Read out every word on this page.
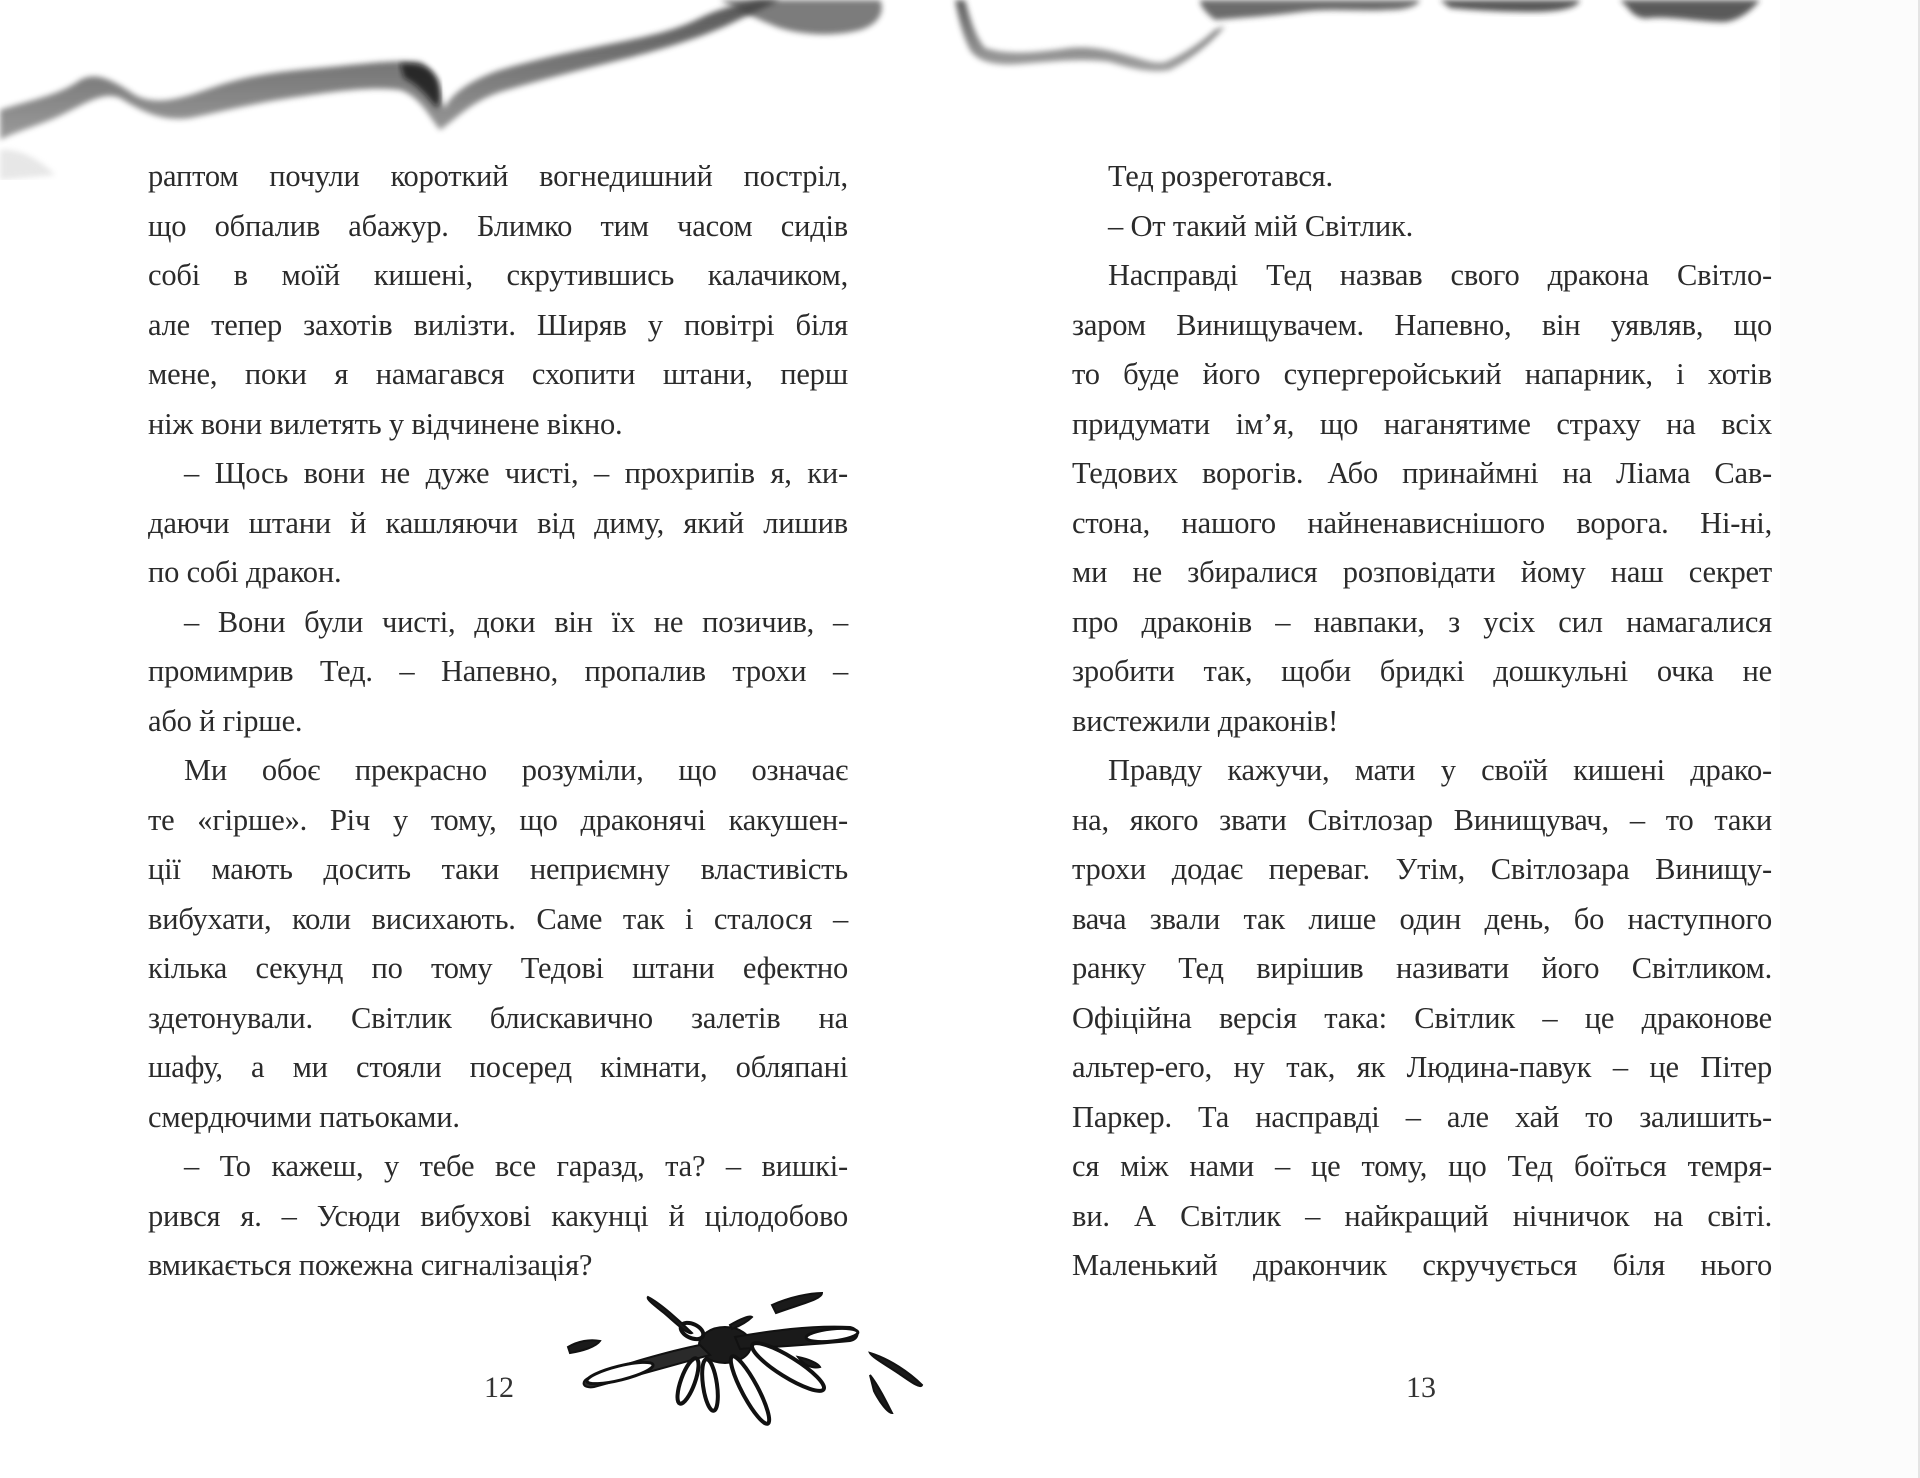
раптом почули короткий вогнедишний постріл,
що обпалив абажур. Блимко тим часом сидів
собі в моїй кишені, скрутившись калачиком,
але тепер захотів вилізти. Ширяв у повітрі біля
мене, поки я намагався схопити штани, перш
ніж вони вилетять у відчинене вікно.
– Щось вони не дуже чисті, – прохрипів я, ки-
даючи штани й кашляючи від диму, який лишив
по собі дракон.
– Вони були чисті, доки він їх не позичив, –
промимрив Тед. – Напевно, пропалив трохи –
або й гірше.
Ми обоє прекрасно розуміли, що означає
те «гірше». Річ у тому, що драконячі какушен-
ції мають досить таки неприємну властивість
вибухати, коли висихають. Саме так і сталося –
кілька секунд по тому Тедові штани ефектно
здетонували. Світлик блискавично залетів на
шафу, а ми стояли посеред кімнати, обляпані
смердючими патьоками.
– То кажеш, у тебе все гаразд, та? – вишкі-
рився я. – Усюди вибухові какунці й цілодобово
вмикається пожежна сигналізація?
Тед розреготався.
– От такий мій Світлик.
Насправді Тед назвав свого дракона Світло-
заром Винищувачем. Напевно, він уявляв, що
то буде його супергеройський напарник, і хотів
придумати ім’я, що наганятиме страху на всіх
Тедових ворогів. Або принаймні на Ліама Сав-
стона, нашого найненависнішого ворога. Ні-ні,
ми не збиралися розповідати йому наш секрет
про драконів – навпаки, з усіх сил намагалися
зробити так, щоби бридкі дошкульні очка не
вистежили драконів!
Правду кажучи, мати у своїй кишені драко-
на, якого звати Світлозар Винищувач, – то таки
трохи додає переваг. Утім, Світлозара Винищу-
вача звали так лише один день, бо наступного
ранку Тед вирішив називати його Світликом.
Офіційна версія така: Світлик – це драконове
альтер-его, ну так, як Людина-павук – це Пітер
Паркер. Та насправді – але хай то залишить-
ся між нами – це тому, що Тед боїться темря-
ви. А Світлик – найкращий нічничок на світі.
Маленький дракончик скручується біля нього
12	13
